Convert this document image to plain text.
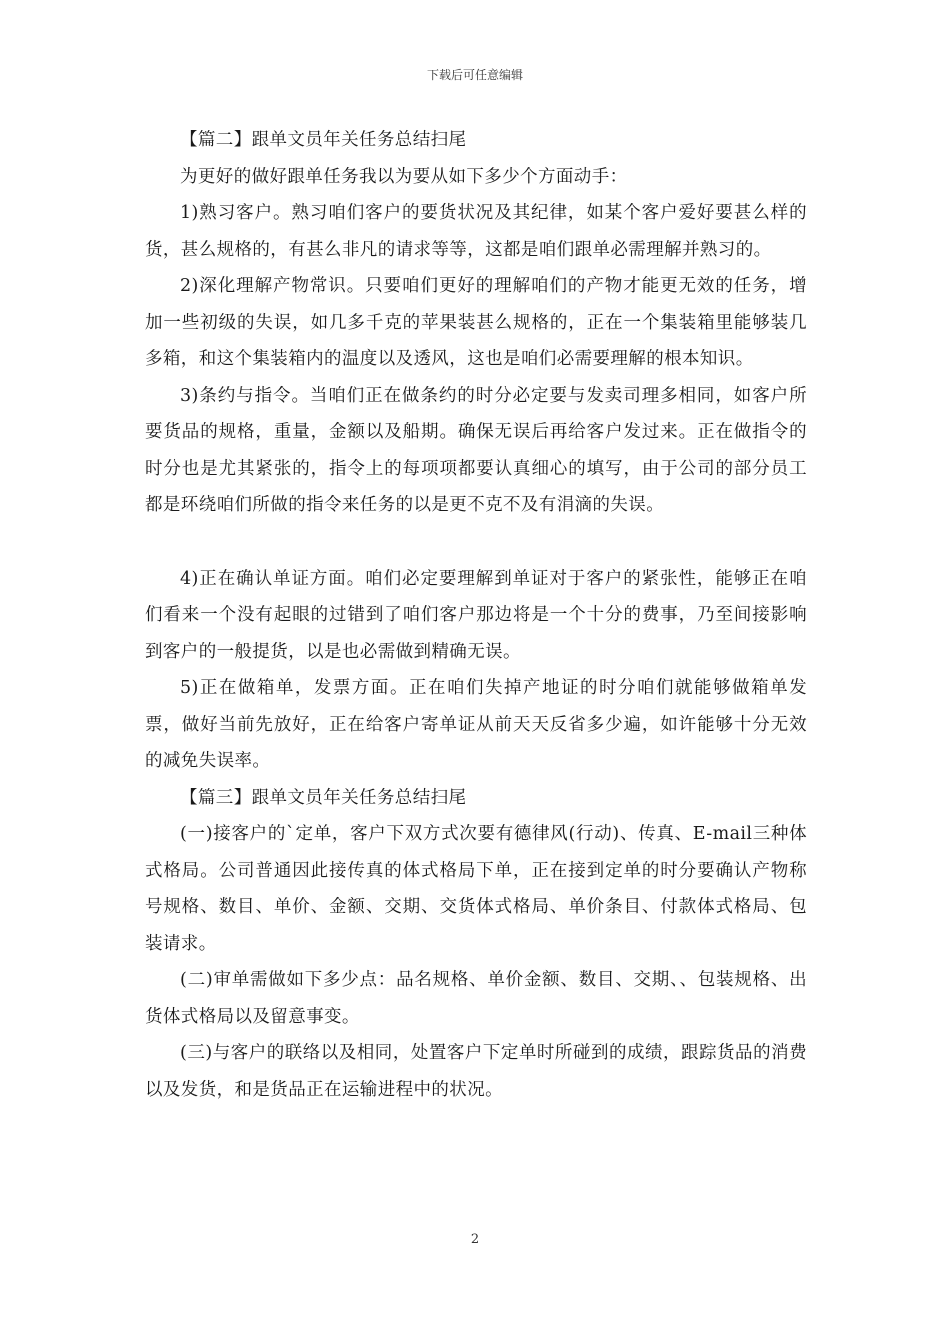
下载后可任意编辑

【篇二】跟单文员年关任务总结扫尾

为更好的做好跟单任务我以为要从如下多少个方面动手：

1)熟习客户。熟习咱们客户的要货状况及其纪律，如某个客户爱好要甚么样的货，甚么规格的，有甚么非凡的请求等等，这都是咱们跟单必需理解并熟习的。

2)深化理解产物常识。只要咱们更好的理解咱们的产物才能更无效的任务，增加一些初级的失误，如几多千克的苹果装甚么规格的，正在一个集装箱里能够装几多箱，和这个集装箱内的温度以及透风，这也是咱们必需要理解的根本知识。

3)条约与指令。当咱们正在做条约的时分必定要与发卖司理多相同，如客户所要货品的规格，重量，金额以及船期。确保无误后再给客户发过来。正在做指令的时分也是尤其紧张的，指令上的每项项都要认真细心的填写，由于公司的部分员工都是环绕咱们所做的指令来任务的以是更不克不及有涓滴的失误。

4)正在确认单证方面。咱们必定要理解到单证对于客户的紧张性，能够正在咱们看来一个没有起眼的过错到了咱们客户那边将是一个十分的费事，乃至间接影响到客户的一般提货，以是也必需做到精确无误。

5)正在做箱单，发票方面。正在咱们失掉产地证的时分咱们就能够做箱单发票，做好当前先放好，正在给客户寄单证从前天天反省多少遍，如许能够十分无效的减免失误率。

【篇三】跟单文员年关任务总结扫尾

(一)接客户的`定单，客户下双方式次要有德律风(行动)、传真、E-mail三种体式格局。公司普通因此接传真的体式格局下单，正在接到定单的时分要确认产物称号规格、数目、单价、金额、交期、交货体式格局、单价条目、付款体式格局、包装请求。

(二)审单需做如下多少点：品名规格、单价金额、数目、交期、、包装规格、出货体式格局以及留意事变。

(三)与客户的联络以及相同，处置客户下定单时所碰到的成绩，跟踪货品的消费以及发货，和是货品正在运输进程中的状况。

2
